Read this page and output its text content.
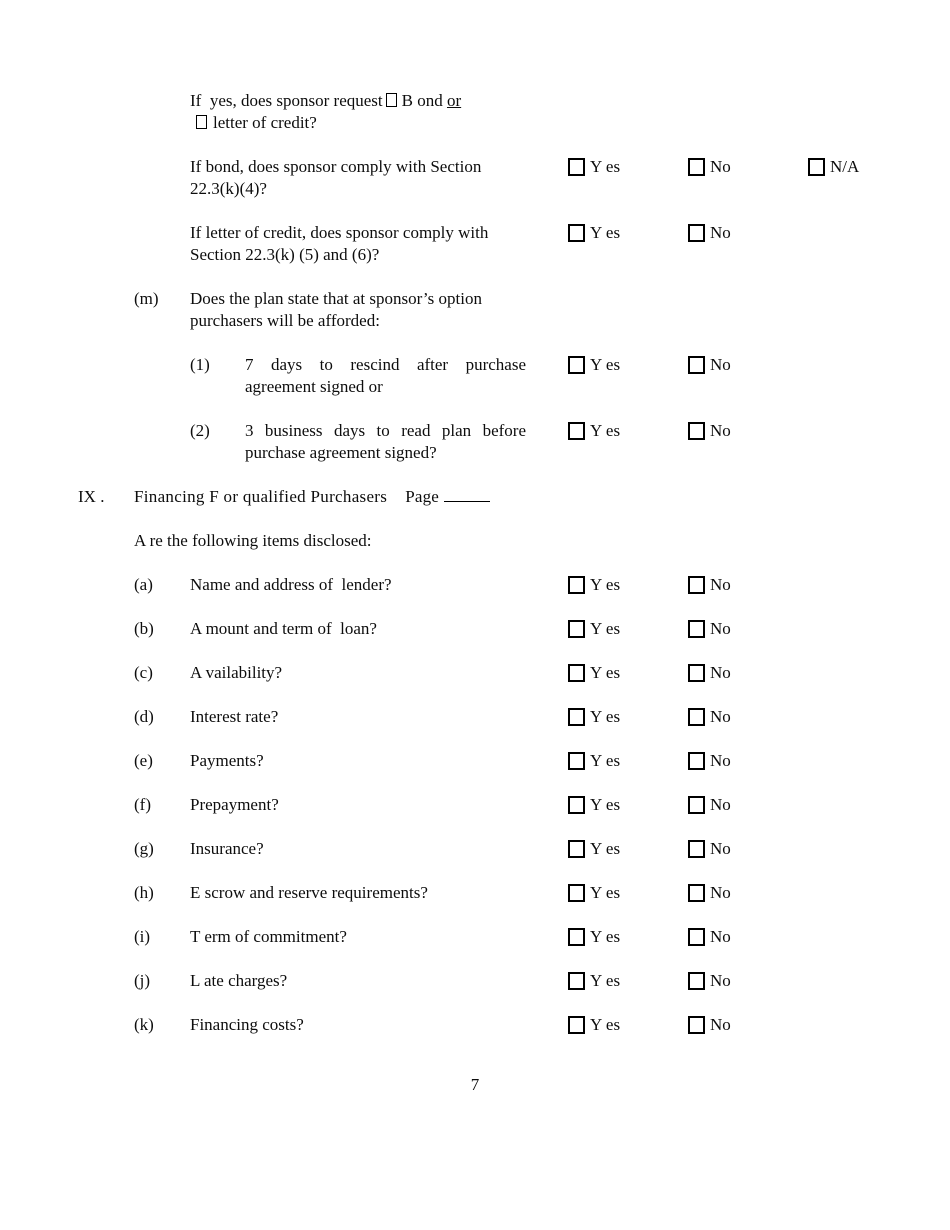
If  yes, does sponsor request B ond or
letter of credit?
If bond, does sponsor comply with Section 22.3(k)(4)?
Y es	No	N/A
If letter of credit, does sponsor comply with Section 22.3(k) (5) and (6)?
Y es	No
(m)	Does the plan state that at sponsor’s option purchasers will be afforded:
(1)	7 days to rescind after purchase agreement signed or
Y es	No
(2)	3 business days to read plan before purchase agreement signed?
Y es	No
IX .	Financing F or qualified Purchasers Page
A re the following items disclosed:
(a)	Name and address of  lender?	Y es	No
(b)	A mount and term of  loan?	Y es	No
(c)	A vailability?	Y es	No
(d)	Interest rate?	Y es	No
(e)	Payments?	Y es	No
(f)	Prepayment?	Y es	No
(g)	Insurance?	Y es	No
(h)	E scrow and reserve requirements?	Y es	No
(i)	T erm of commitment?	Y es	No
(j)	L ate charges?	Y es	No
(k)	Financing costs?	Y es	No
7
